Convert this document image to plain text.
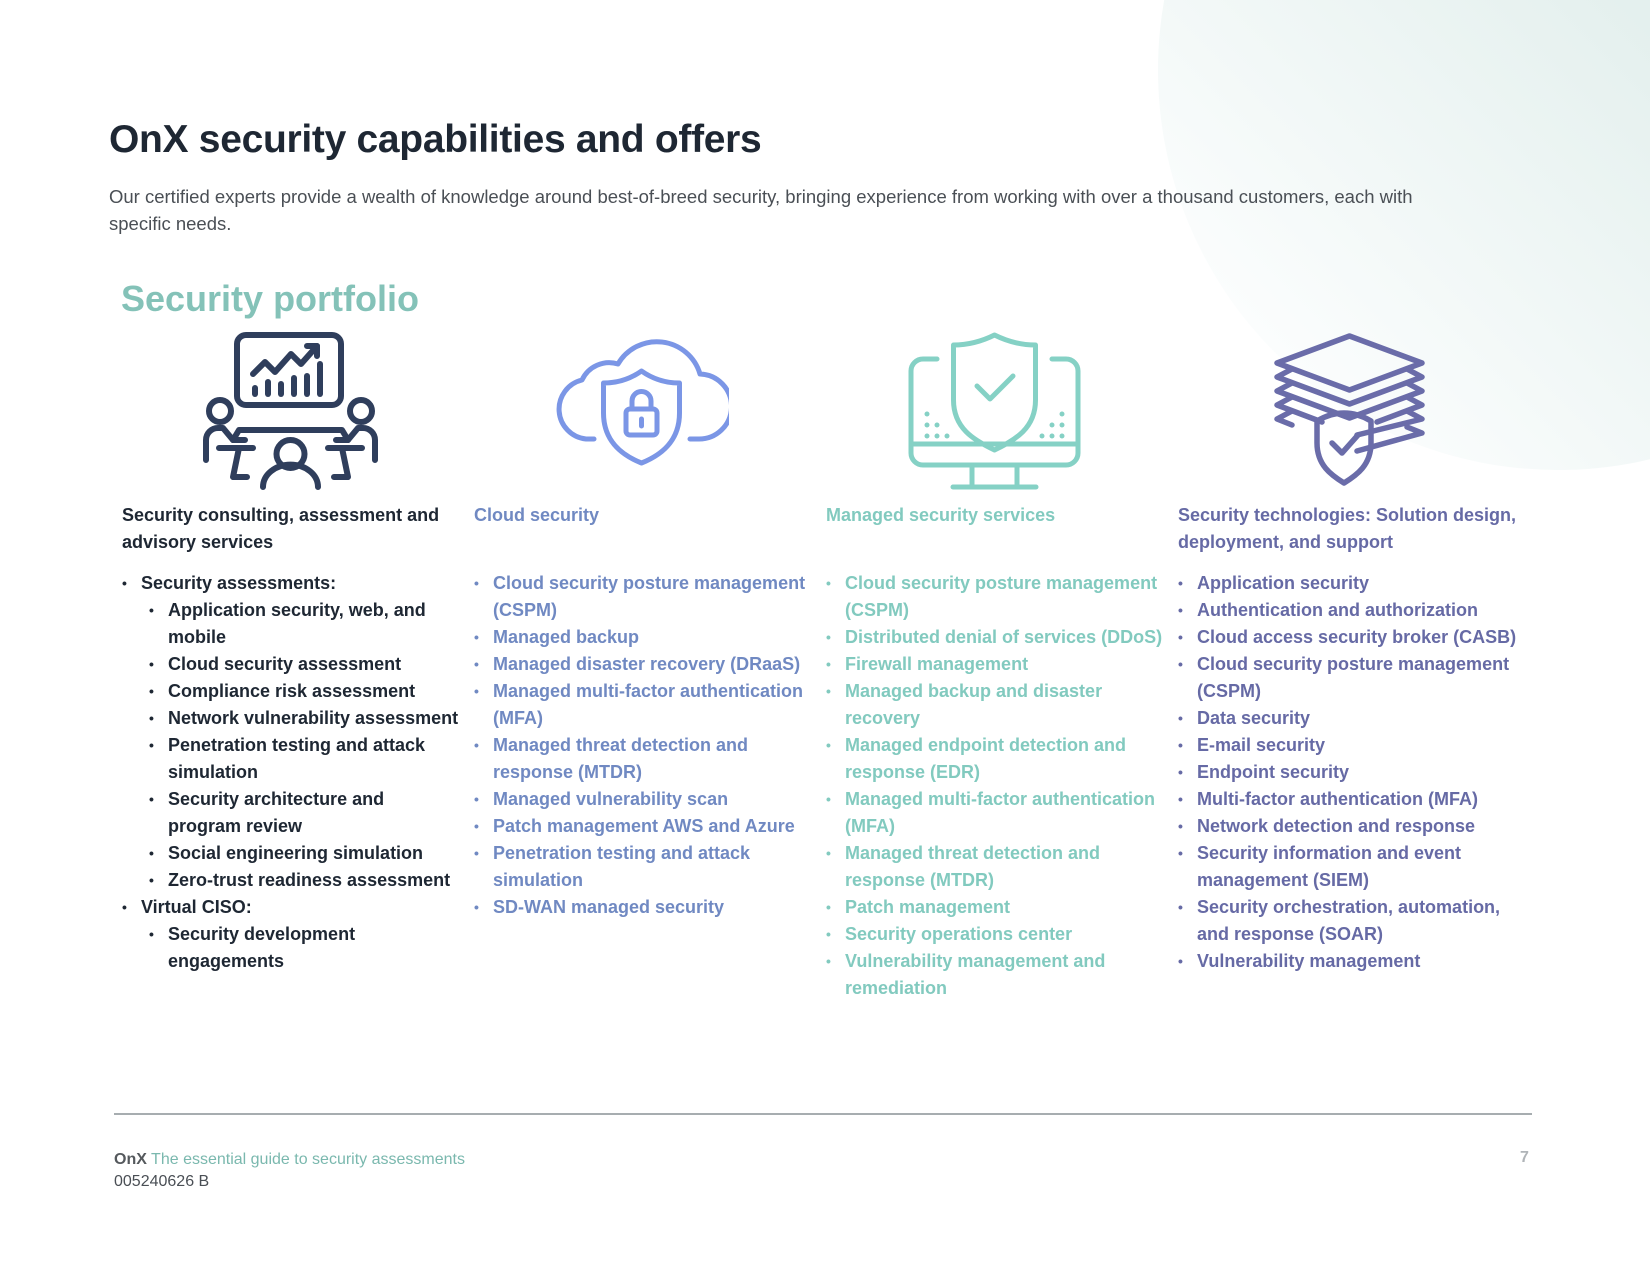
OnX security capabilities and offers

Our certified experts provide a wealth of knowledge around best-of-breed security, bringing experience from working with over a thousand customers, each with specific needs.

Security portfolio
Security consulting, assessment and advisory services
• Security assessments:
• Application security, web, and mobile
• Cloud security assessment
• Compliance risk assessment
• Network vulnerability assessment
• Penetration testing and attack simulation
• Security architecture and program review
• Social engineering simulation
• Zero-trust readiness assessment
• Virtual CISO:
• Security development engagements
Cloud security
• Cloud security posture management (CSPM)
• Managed backup
• Managed disaster recovery (DRaaS)
• Managed multi-factor authentication (MFA)
• Managed threat detection and response (MTDR)
• Managed vulnerability scan
• Patch management AWS and Azure
• Penetration testing and attack simulation
• SD-WAN managed security
Managed security services
• Cloud security posture management (CSPM)
• Distributed denial of services (DDoS)
• Firewall management
• Managed backup and disaster recovery
• Managed endpoint detection and response (EDR)
• Managed multi-factor authentication (MFA)
• Managed threat detection and response (MTDR)
• Patch management
• Security operations center
• Vulnerability management and remediation
Security technologies: Solution design, deployment, and support
• Application security
• Authentication and authorization
• Cloud access security broker (CASB)
• Cloud security posture management (CSPM)
• Data security
• E-mail security
• Endpoint security
• Multi-factor authentication (MFA)
• Network detection and response
• Security information and event management (SIEM)
• Security orchestration, automation, and response (SOAR)
• Vulnerability management
OnX The essential guide to security assessments
005240626 B
7
